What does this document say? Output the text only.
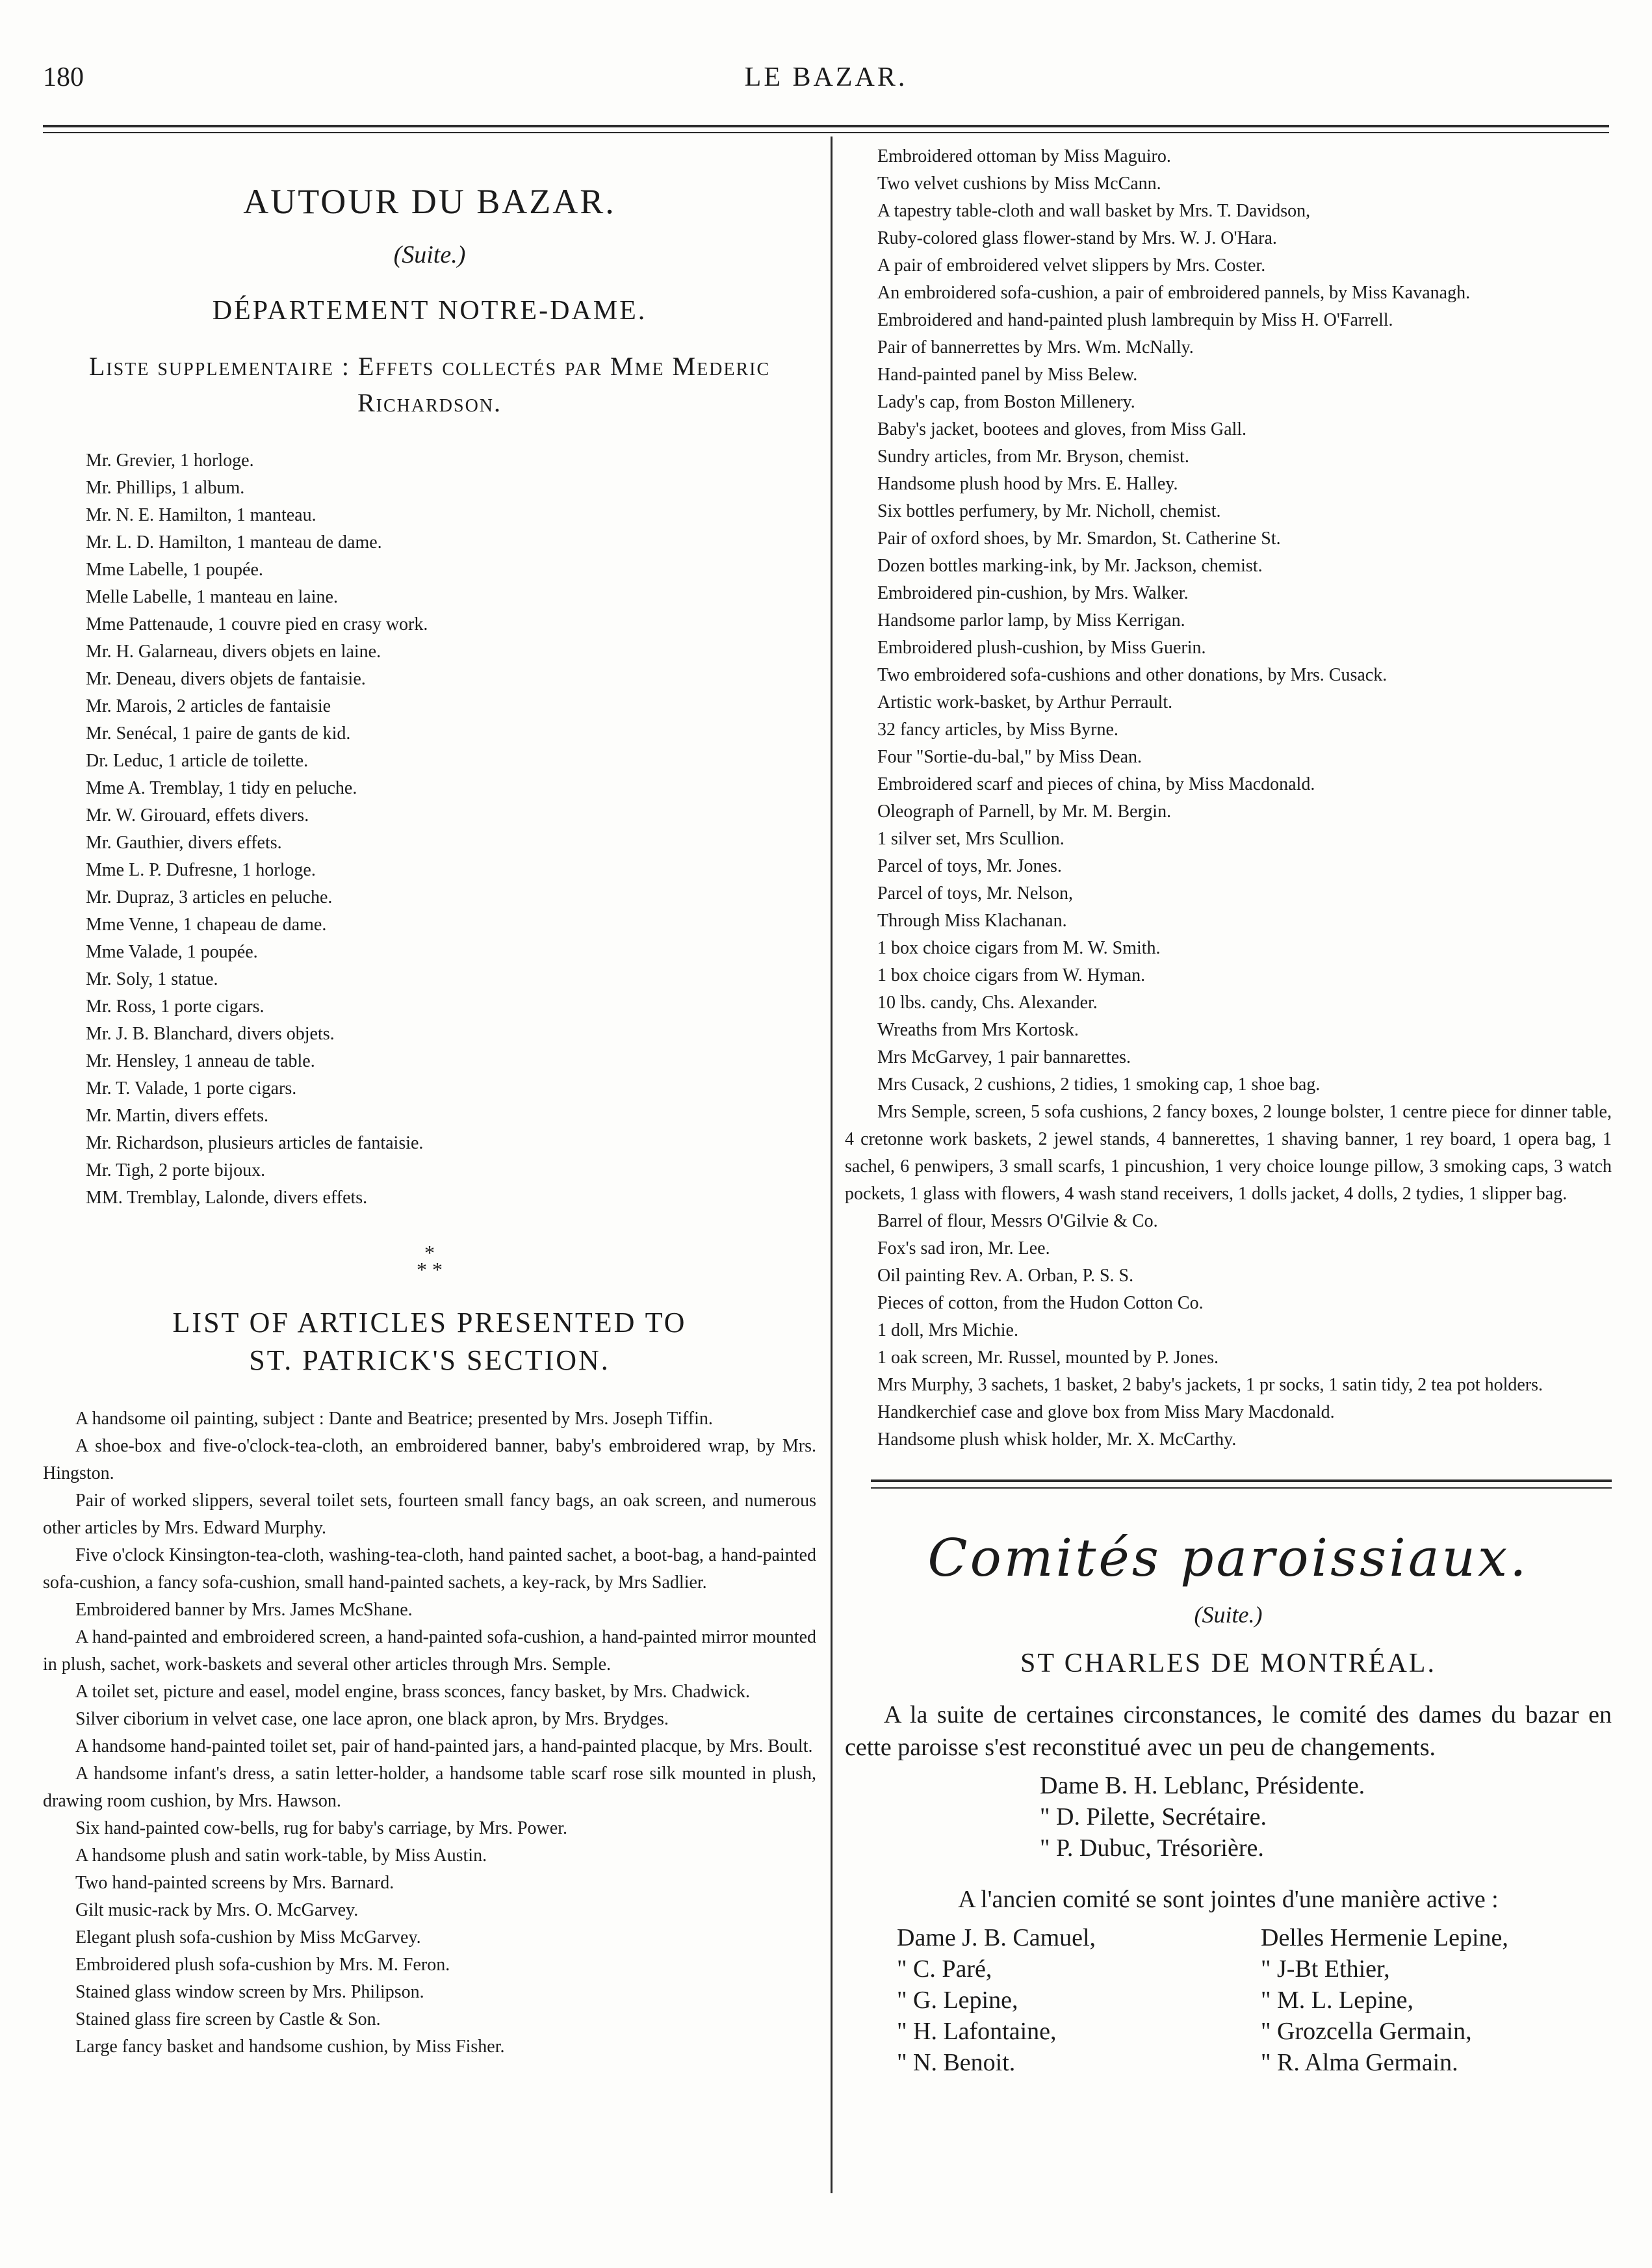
180	LE BAZAR.
AUTOUR DU BAZAR.
(Suite.)
DÉPARTEMENT NOTRE-DAME.
Liste supplementaire : Effets collectés par Mme Mederic Richardson.
Mr. Grevier, 1 horloge.
Mr. Phillips, 1 album.
Mr. N. E. Hamilton, 1 manteau.
Mr. L. D. Hamilton, 1 manteau de dame.
Mme Labelle, 1 poupée.
Melle Labelle, 1 manteau en laine.
Mme Pattenaude, 1 couvre pied en crasy work.
Mr. H. Galarneau, divers objets en laine.
Mr. Deneau, divers objets de fantaisie.
Mr. Marois, 2 articles de fantaisie
Mr. Senécal, 1 paire de gants de kid.
Dr. Leduc, 1 article de toilette.
Mme A. Tremblay, 1 tidy en peluche.
Mr. W. Girouard, effets divers.
Mr. Gauthier, divers effets.
Mme L. P. Dufresne, 1 horloge.
Mr. Dupraz, 3 articles en peluche.
Mme Venne, 1 chapeau de dame.
Mme Valade, 1 poupée.
Mr. Soly, 1 statue.
Mr. Ross, 1 porte cigars.
Mr. J. B. Blanchard, divers objets.
Mr. Hensley, 1 anneau de table.
Mr. T. Valade, 1 porte cigars.
Mr. Martin, divers effets.
Mr. Richardson, plusieurs articles de fantaisie.
Mr. Tigh, 2 porte bijoux.
MM. Tremblay, Lalonde, divers effets.
*
* *
LIST OF ARTICLES PRESENTED TO
ST. PATRICK'S SECTION.

A handsome oil painting, subject : Dante and Beatrice; presented by Mrs. Joseph Tiffin.

A shoe-box and five-o'clock-tea-cloth, an embroidered banner, baby's embroidered wrap, by Mrs. Hingston.

Pair of worked slippers, several toilet sets, fourteen small fancy bags, an oak screen, and numerous other articles by Mrs. Edward Murphy.

Five o'clock Kinsington-tea-cloth, washing-tea-cloth, hand painted sachet, a boot-bag, a hand-painted sofa-cushion, a fancy sofa-cushion, small hand-painted sachets, a key-rack, by Mrs Sadlier.

Embroidered banner by Mrs. James McShane.

A hand-painted and embroidered screen, a hand-painted sofa-cushion, a hand-painted mirror mounted in plush, sachet, work-baskets and several other articles through Mrs. Semple.

A toilet set, picture and easel, model engine, brass sconces, fancy basket, by Mrs. Chadwick.

Silver ciborium in velvet case, one lace apron, one black apron, by Mrs. Brydges.

A handsome hand-painted toilet set, pair of hand-painted jars, a hand-painted placque, by Mrs. Boult.

A handsome infant's dress, a satin letter-holder, a handsome table scarf rose silk mounted in plush, drawing room cushion, by Mrs. Hawson.

Six hand-painted cow-bells, rug for baby's carriage, by Mrs. Power.

A handsome plush and satin work-table, by Miss Austin.

Two hand-painted screens by Mrs. Barnard.

Gilt music-rack by Mrs. O. McGarvey.

Elegant plush sofa-cushion by Miss McGarvey.

Embroidered plush sofa-cushion by Mrs. M. Feron.

Stained glass window screen by Mrs. Philipson.

Stained glass fire screen by Castle & Son.

Large fancy basket and handsome cushion, by Miss Fisher.

Embroidered ottoman by Miss Maguiro.

Two velvet cushions by Miss McCann.

A tapestry table-cloth and wall basket by Mrs. T. Davidson,

Ruby-colored glass flower-stand by Mrs. W. J. O'Hara.

A pair of embroidered velvet slippers by Mrs. Coster.

An embroidered sofa-cushion, a pair of embroidered pannels, by Miss Kavanagh.

Embroidered and hand-painted plush lambrequin by Miss H. O'Farrell.

Pair of bannerrettes by Mrs. Wm. McNally.

Hand-painted panel by Miss Belew.

Lady's cap, from Boston Millenery.

Baby's jacket, bootees and gloves, from Miss Gall.

Sundry articles, from Mr. Bryson, chemist.

Handsome plush hood by Mrs. E. Halley.

Six bottles perfumery, by Mr. Nicholl, chemist.

Pair of oxford shoes, by Mr. Smardon, St. Catherine St.

Dozen bottles marking-ink, by Mr. Jackson, chemist.

Embroidered pin-cushion, by Mrs. Walker.

Handsome parlor lamp, by Miss Kerrigan.

Embroidered plush-cushion, by Miss Guerin.

Two embroidered sofa-cushions and other donations, by Mrs. Cusack.

Artistic work-basket, by Arthur Perrault.

32 fancy articles, by Miss Byrne.

Four "Sortie-du-bal," by Miss Dean.

Embroidered scarf and pieces of china, by Miss Macdonald.

Oleograph of Parnell, by Mr. M. Bergin.

1 silver set, Mrs Scullion.

Parcel of toys, Mr. Jones.

Parcel of toys, Mr. Nelson,

Through Miss Klachanan.

1 box choice cigars from M. W. Smith.

1 box choice cigars from W. Hyman.

10 lbs. candy, Chs. Alexander.

Wreaths from Mrs Kortosk.

Mrs McGarvey, 1 pair bannarettes.

Mrs Cusack, 2 cushions, 2 tidies, 1 smoking cap, 1 shoe bag.

Mrs Semple, screen, 5 sofa cushions, 2 fancy boxes, 2 lounge bolster, 1 centre piece for dinner table, 4 cretonne work baskets, 2 jewel stands, 4 bannerettes, 1 shaving banner, 1 rey board, 1 opera bag, 1 sachel, 6 penwipers, 3 small scarfs, 1 pincushion, 1 very choice lounge pillow, 3 smoking caps, 3 watch pockets, 1 glass with flowers, 4 wash stand receivers, 1 dolls jacket, 4 dolls, 2 tydies, 1 slipper bag.

Barrel of flour, Messrs O'Gilvie & Co.

Fox's sad iron, Mr. Lee.

Oil painting Rev. A. Orban, P. S. S.

Pieces of cotton, from the Hudon Cotton Co.

1 doll, Mrs Michie.

1 oak screen, Mr. Russel, mounted by P. Jones.

Mrs Murphy, 3 sachets, 1 basket, 2 baby's jackets, 1 pr socks, 1 satin tidy, 2 tea pot holders.

Handkerchief case and glove box from Miss Mary Macdonald.

Handsome plush whisk holder, Mr. X. McCarthy.

Comités paroissiaux.
(Suite.)
ST CHARLES DE MONTRÉAL.

A la suite de certaines circonstances, le comité des dames du bazar en cette paroisse s'est reconstitué avec un peu de changements.

Dame B. H. Leblanc, Présidente.
" D. Pilette, Secrétaire.
" P. Dubuc, Trésorière.
A l'ancien comité se sont jointes d'une manière active :
Dame J. B. Camuel,
" C. Paré,
" G. Lepine,
" H. Lafontaine,
" N. Benoit.
Delles Hermenie Lepine,
" J-Bt Ethier,
" M. L. Lepine,
" Grozcella Germain,
" R. Alma Germain.
